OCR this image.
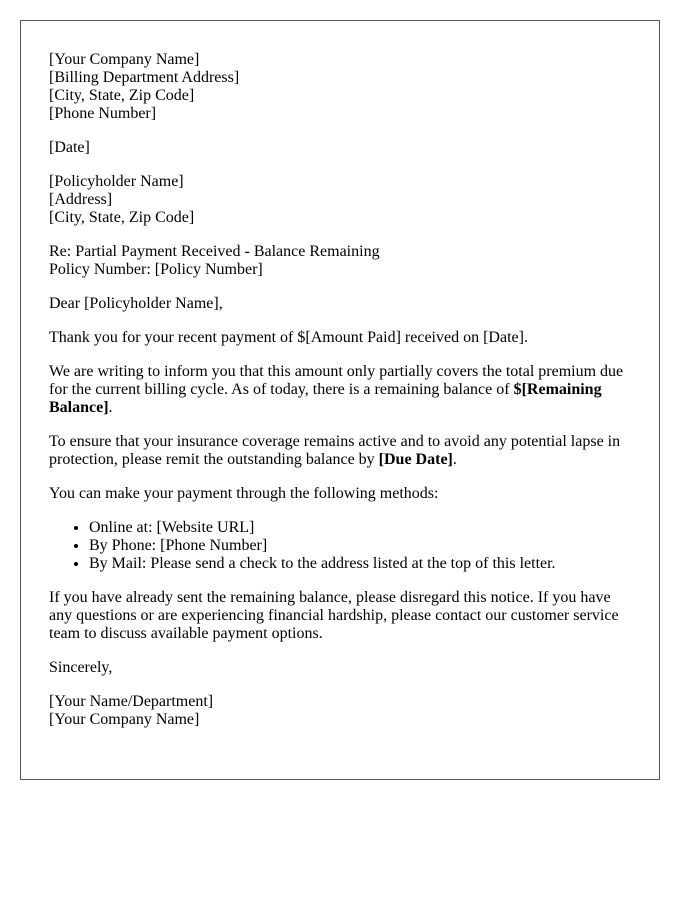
[Your Company Name]
[Billing Department Address]
[City, State, Zip Code]
[Phone Number]
[Date]
[Policyholder Name]
[Address]
[City, State, Zip Code]
Re: Partial Payment Received - Balance Remaining
Policy Number: [Policy Number]

Dear [Policyholder Name],

Thank you for your recent payment of $[Amount Paid] received on [Date].

We are writing to inform you that this amount only partially covers the total premium due for the current billing cycle. As of today, there is a remaining balance of $[Remaining Balance].

To ensure that your insurance coverage remains active and to avoid any potential lapse in protection, please remit the outstanding balance by [Due Date].

You can make your payment through the following methods:

• Online at: [Website URL]
• By Phone: [Phone Number]
• By Mail: Please send a check to the address listed at the top of this letter.

If you have already sent the remaining balance, please disregard this notice. If you have any questions or are experiencing financial hardship, please contact our customer service team to discuss available payment options.

Sincerely,

[Your Name/Department]
[Your Company Name]
